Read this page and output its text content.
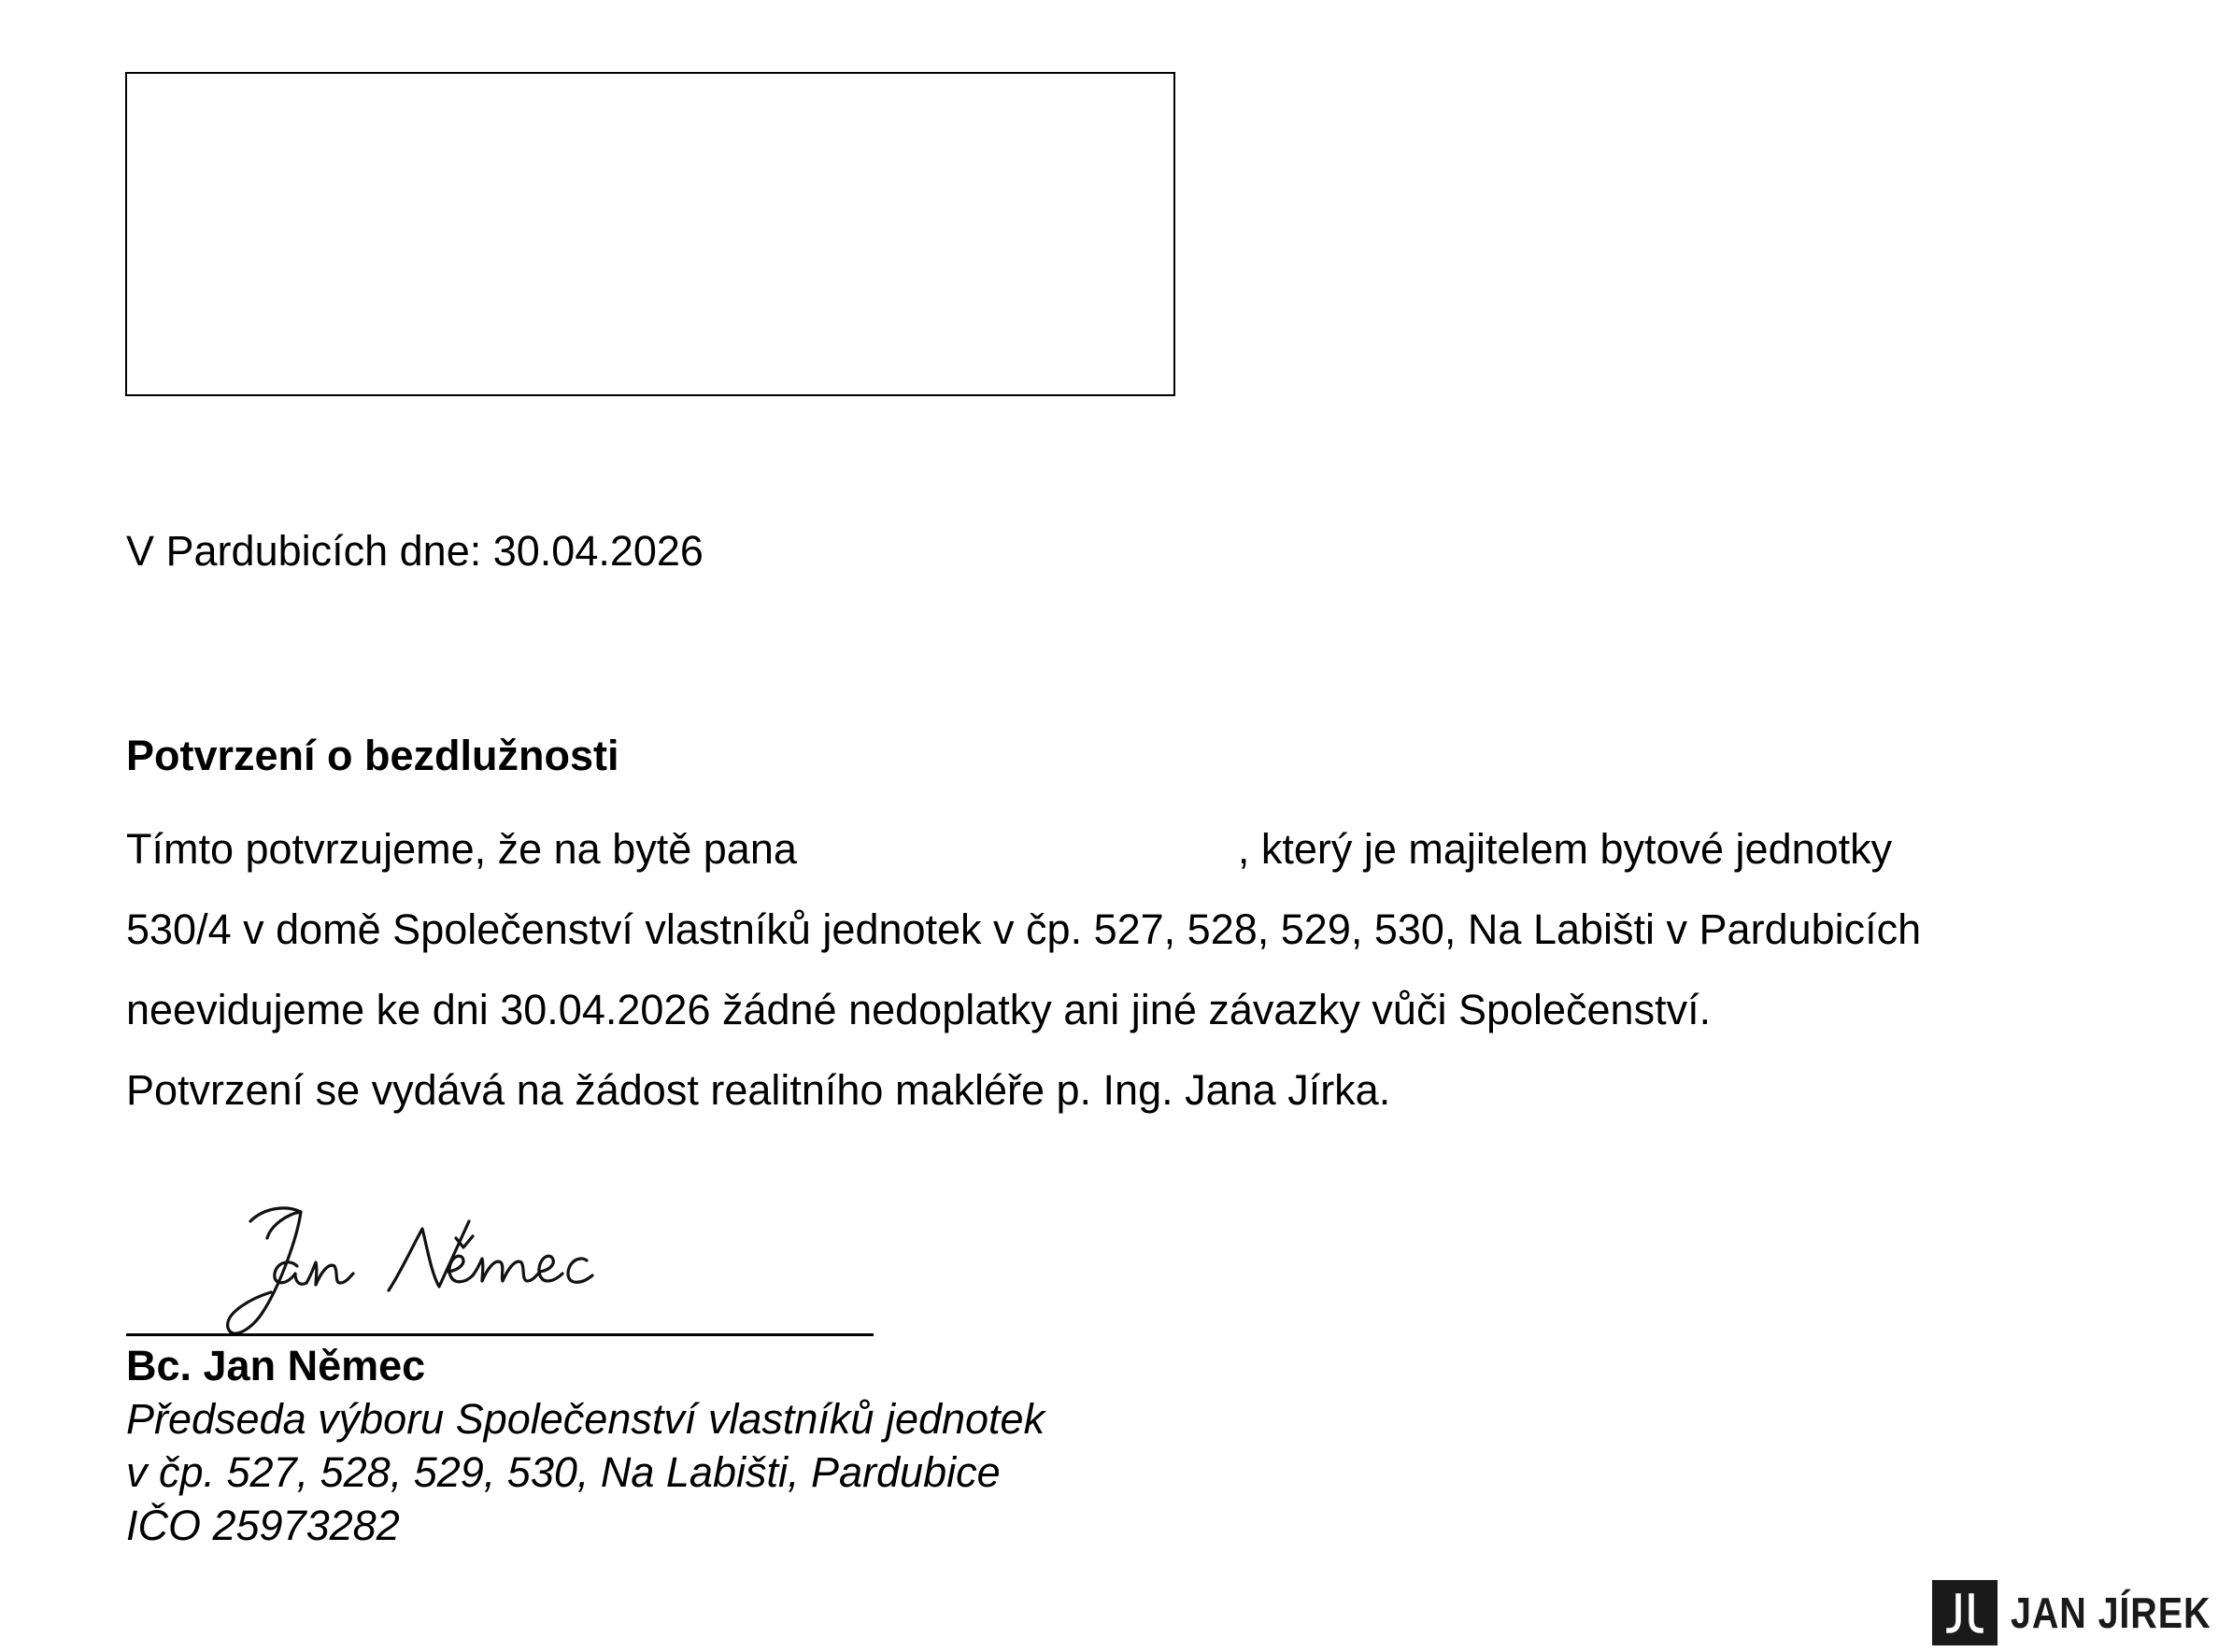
V Pardubicích dne: 30.04.2026
Potvrzení o bezdlužnosti
Tímto potvrzujeme, že na bytě pana	, který je majitelem bytové jednotky
530/4 v domě Společenství vlastníků jednotek v čp. 527, 528, 529, 530, Na Labišti v Pardubicích
neevidujeme ke dni 30.04.2026 žádné nedoplatky ani jiné závazky vůči Společenství.
Potvrzení se vydává na žádost realitního makléře p. Ing. Jana Jírka.
Bc. Jan Němec
Předseda výboru Společenství vlastníků jednotek
v čp. 527, 528, 529, 530, Na Labišti, Pardubice
IČO 25973282
JAN JÍREK
